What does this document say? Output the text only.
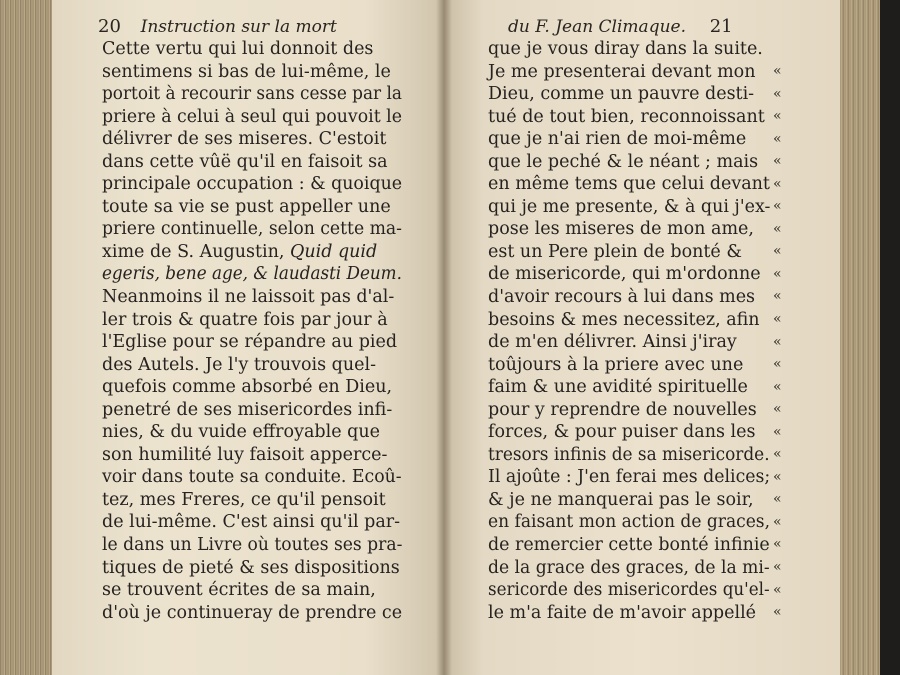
20 Instruction sur la mort	du F. Jean Climaque. 21
Cette vertu qui lui donnoit des
sentimens si bas de lui-même, le
portoit à recourir sans cesse par la
priere à celui à seul qui pouvoit le
délivrer de ses miseres. C'estoit
dans cette vûë qu'il en faisoit sa
principale occupation : & quoique
toute sa vie se pust appeller une
priere continuelle, selon cette ma-
xime de S. Augustin, Quid quid
egeris, bene age, & laudasti Deum.
Neanmoins il ne laissoit pas d'al-
ler trois & quatre fois par jour à
l'Eglise pour se répandre au pied
des Autels. Je l'y trouvois quel-
quefois comme absorbé en Dieu,
penetré de ses misericordes infi-
nies, & du vuide effroyable que
son humilité luy faisoit apperce-
voir dans toute sa conduite. Ecoû-
tez, mes Freres, ce qu'il pensoit
de lui-même. C'est ainsi qu'il par-
le dans un Livre où toutes ses pra-
tiques de pieté & ses dispositions
se trouvent écrites de sa main,
d'où je continueray de prendre ce
que je vous diray dans la suite.
Je me presenterai devant mon
Dieu, comme un pauvre desti-
tué de tout bien, reconnoissant
que je n'ai rien de moi-même
que le peché & le néant ; mais
en même tems que celui devant
qui je me presente, & à qui j'ex-
pose les miseres de mon ame,
est un Pere plein de bonté &
de misericorde, qui m'ordonne
d'avoir recours à lui dans mes
besoins & mes necessitez, afin
de m'en délivrer. Ainsi j'iray
toûjours à la priere avec une
faim & une avidité spirituelle
pour y reprendre de nouvelles
forces, & pour puiser dans les
tresors infinis de sa misericorde.
Il ajoûte : J'en ferai mes delices;
& je ne manquerai pas le soir,
en faisant mon action de graces,
de remercier cette bonté infinie
de la grace des graces, de la mi-
sericorde des misericordes qu'el-
le m'a faite de m'avoir appellé
«
«
«
«
«
«
«
«
«
«
«
«
«
«
«
«
«
«
«
«
«
«
«
«
«
